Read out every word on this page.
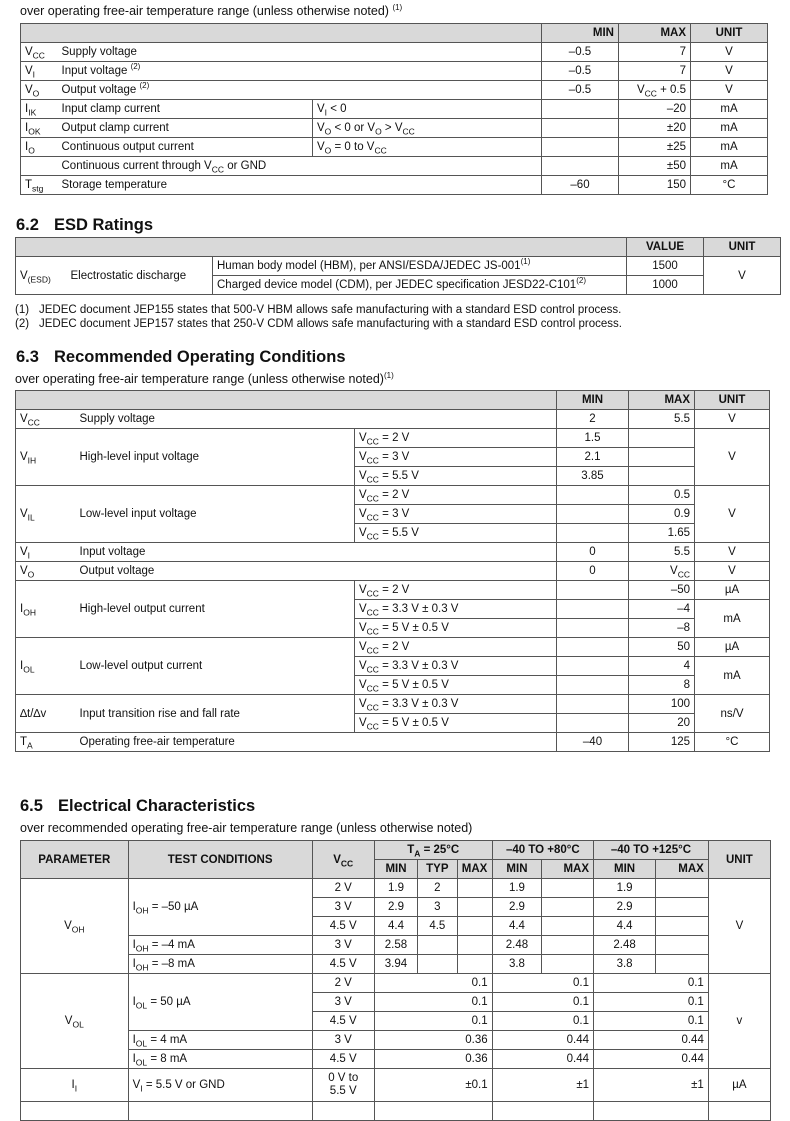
over operating free-air temperature range (unless otherwise noted) $^{(1)}$
			MIN	MAX	UNIT
$V_{CC}$	Supply voltage		–0.5	7	V
$V_I$	Input voltage $^{(2)}$		–0.5	7	V
$V_O$	Output voltage $^{(2)}$		–0.5	$V_{CC} + 0.5$	V
$I_{IK}$	Input clamp current	$V_I < 0$		–20	mA
$I_{OK}$	Output clamp current	$V_O < 0$ or $V_O > V_{CC}$		±20	mA
$I_O$	Continuous output current	$V_O = 0$ to $V_{CC}$		±25	mA
	Continuous current through $V_{CC}$ or GND			±50	mA
$T_{stg}$	Storage temperature		–60	150	°C
6.2 ESD Ratings
			VALUE	UNIT
$V_{(ESD)}$	Electrostatic discharge	Human body model (HBM), per ANSI/ESDA/JEDEC JS-001$^{(1)}$	1500	V
		Charged device model (CDM), per JEDEC specification JESD22-C101$^{(2)}$	1000	
(1) JEDEC document JEP155 states that 500-V HBM allows safe manufacturing with a standard ESD control process.
(2) JEDEC document JEP157 states that 250-V CDM allows safe manufacturing with a standard ESD control process.
6.3 Recommended Operating Conditions
over operating free-air temperature range (unless otherwise noted)$^{(1)}$
			MIN	MAX	UNIT
$V_{CC}$	Supply voltage		2	5.5	V
$V_{IH}$	High-level input voltage	$V_{CC} = 2$ V	1.5		V
		$V_{CC} = 3$ V	2.1		
		$V_{CC} = 5.5$ V	3.85		
$V_{IL}$	Low-level input voltage	$V_{CC} = 2$ V		0.5	V
		$V_{CC} = 3$ V		0.9	
		$V_{CC} = 5.5$ V		1.65	
$V_I$	Input voltage		0	5.5	V
$V_O$	Output voltage		0	$V_{CC}$	V
$I_{OH}$	High-level output current	$V_{CC} = 2$ V		–50	µA
		$V_{CC} = 3.3$ V ± 0.3 V		–4	mA
		$V_{CC} = 5$ V ± 0.5 V		–8	
$I_{OL}$	Low-level output current	$V_{CC} = 2$ V		50	µA
		$V_{CC} = 3.3$ V ± 0.3 V		4	mA
		$V_{CC} = 5$ V ± 0.5 V		8	
∆t/∆v	Input transition rise and fall rate	$V_{CC} = 3.3$ V ± 0.3 V		100	ns/V
		$V_{CC} = 5$ V ± 0.5 V		20	
$T_A$	Operating free-air temperature		–40	125	°C
6.5 Electrical Characteristics
over recommended operating free-air temperature range (unless otherwise noted)
PARAMETER	TEST CONDITIONS	$V_{CC}$	$T_A = 25^\circ C$			–40 TO +80°C		–40 TO +125°C		UNIT
			MIN	TYP	MAX	MIN	MAX	MIN	MAX	
$V_{OH}$	$I_{OH} = -50$ µA	2 V	1.9	2		1.9		1.9		V
		3 V	2.9	3		2.9		2.9		
		4.5 V	4.4	4.5		4.4		4.4		
	$I_{OH} = -4$ mA	3 V	2.58			2.48		2.48		
	$I_{OH} = -8$ mA	4.5 V	3.94			3.8		3.8		
$V_{OL}$	$I_{OL} = 50$ µA	2 V	0.1			0.1		0.1		v
		3 V	0.1			0.1		0.1		
		4.5 V	0.1			0.1		0.1		
	$I_{OL} = 4$ mA	3 V	0.36			0.44		0.44		
	$I_{OL} = 8$ mA	4.5 V	0.36			0.44		0.44		
$I_I$	$V_I = 5.5$ V or GND	0 V to
5.5 V	±0.1			±1		±1		µA
